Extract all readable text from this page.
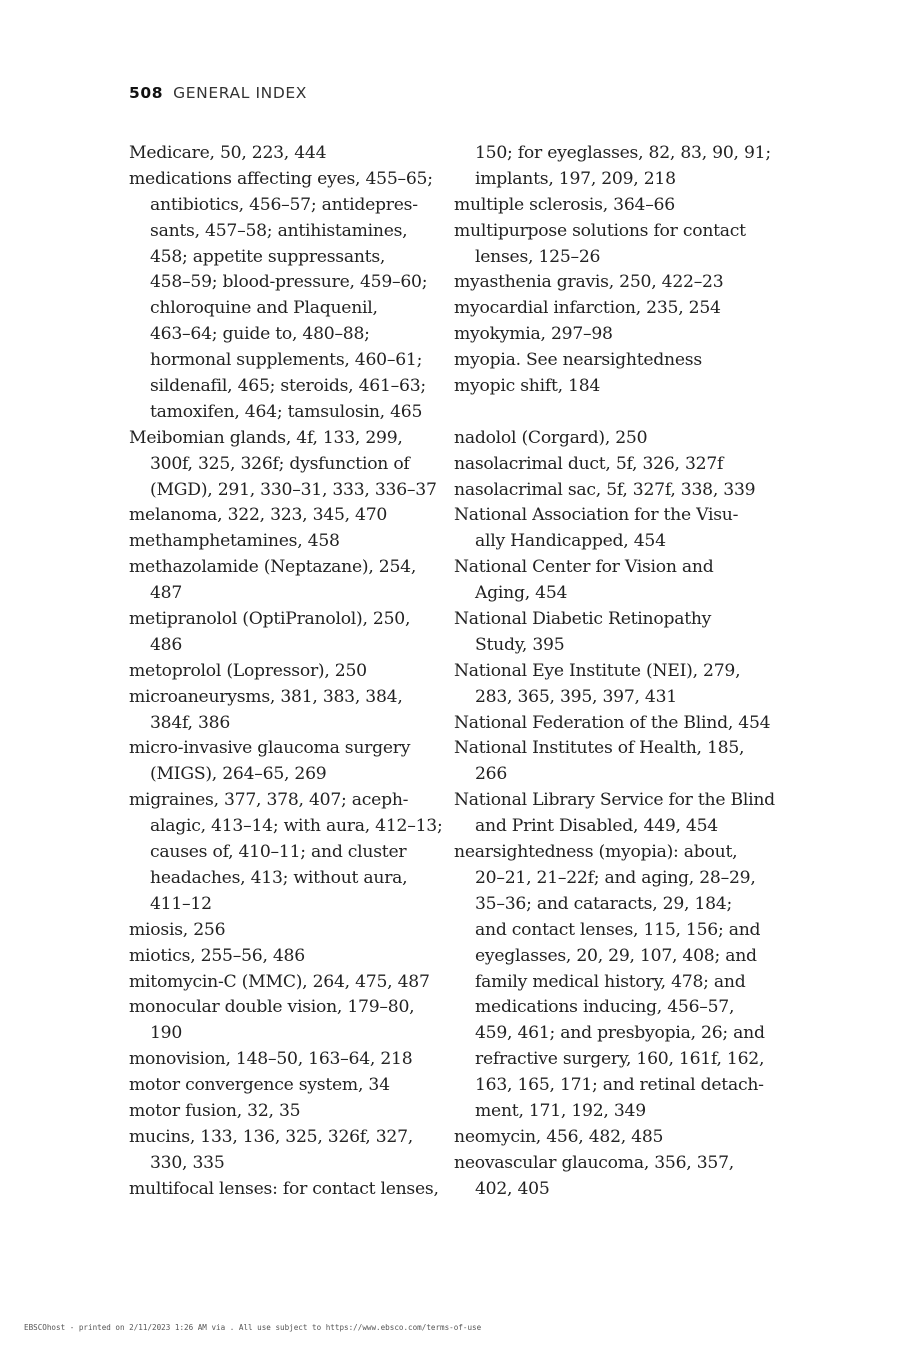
508 GENERAL INDEX
Medicare, 50, 223, 444
medications affecting eyes, 455–65;
antibiotics, 456–57; antidepres-
sants, 457–58; antihistamines,
458; appetite suppressants,
458–59; blood-pressure, 459–60;
chloroquine and Plaquenil,
463–64; guide to, 480–88;
hormonal supplements, 460–61;
sildenafil, 465; steroids, 461–63;
tamoxifen, 464; tamsulosin, 465
Meibomian glands, 4f, 133, 299,
300f, 325, 326f; dysfunction of
(MGD), 291, 330–31, 333, 336–37
melanoma, 322, 323, 345, 470
methamphetamines, 458
methazolamide (Neptazane), 254,
487
metipranolol (OptiPranolol), 250,
486
metoprolol (Lopressor), 250
microaneurysms, 381, 383, 384,
384f, 386
micro-invasive glaucoma surgery
(MIGS), 264–65, 269
migraines, 377, 378, 407; aceph-
alagic, 413–14; with aura, 412–13;
causes of, 410–11; and cluster
headaches, 413; without aura,
411–12
miosis, 256
miotics, 255–56, 486
mitomycin-C (MMC), 264, 475, 487
monocular double vision, 179–80,
190
monovision, 148–50, 163–64, 218
motor convergence system, 34
motor fusion, 32, 35
mucins, 133, 136, 325, 326f, 327,
330, 335
multifocal lenses: for contact lenses,
150; for eyeglasses, 82, 83, 90, 91;
implants, 197, 209, 218
multiple sclerosis, 364–66
multipurpose solutions for contact
lenses, 125–26
myasthenia gravis, 250, 422–23
myocardial infarction, 235, 254
myokymia, 297–98
myopia. See nearsightedness
myopic shift, 184
nadolol (Corgard), 250
nasolacrimal duct, 5f, 326, 327f
nasolacrimal sac, 5f, 327f, 338, 339
National Association for the Visu-
ally Handicapped, 454
National Center for Vision and
Aging, 454
National Diabetic Retinopathy
Study, 395
National Eye Institute (NEI), 279,
283, 365, 395, 397, 431
National Federation of the Blind, 454
National Institutes of Health, 185,
266
National Library Service for the Blind
and Print Disabled, 449, 454
nearsightedness (myopia): about,
20–21, 21–22f; and aging, 28–29,
35–36; and cataracts, 29, 184;
and contact lenses, 115, 156; and
eyeglasses, 20, 29, 107, 408; and
family medical history, 478; and
medications inducing, 456–57,
459, 461; and presbyopia, 26; and
refractive surgery, 160, 161f, 162,
163, 165, 171; and retinal detach-
ment, 171, 192, 349
neomycin, 456, 482, 485
neovascular glaucoma, 356, 357,
402, 405
EBSCOhost - printed on 2/11/2023 1:26 AM via . All use subject to https://www.ebsco.com/terms-of-use
